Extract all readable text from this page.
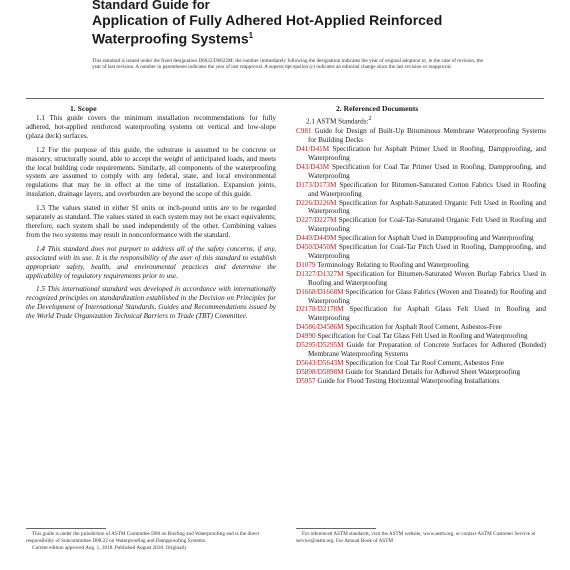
Standard Guide for
Application of Fully Adhered Hot-Applied Reinforced
Waterproofing Systems$^1$
This standard is issued under the fixed designation D6622/D6622M; the number immediately following the designation indicates the year of original adoption or, in the case of revision, the year of last revision. A number in parentheses indicates the year of last reapproval. A superscript epsilon (ε) indicates an editorial change since the last revision or reapproval.
1. Scope

1.1 This guide covers the minimum installation recommendations for fully adhered, hot-applied reinforced waterproofing systems on vertical and low-slope (plaza deck) surfaces.

1.2 For the purpose of this guide, the substrate is assumed to be concrete or masonry, structurally sound, able to accept the weight of anticipated loads, and meets the local building code requirements. Similarly, all components of the waterproofing system are assumed to comply with any federal, state, and local environmental regulations that may be in effect at the time of installation. Expansion joints, insulation, drainage layers, and overburden are beyond the scope of this guide.

1.3 The values stated in either SI units or inch-pound units are to be regarded separately as standard. The values stated in each system may not be exact equivalents; therefore, each system shall be used independently of the other. Combining values from the two systems may result in nonconformance with the standard.

1.4 This standard does not purport to address all of the safety concerns, if any, associated with its use. It is the responsibility of the user of this standard to establish appropriate safety, health, and environmental practices and determine the applicability of regulatory requirements prior to use.

1.5 This international standard was developed in accordance with internationally recognized principles on standardization established in the Decision on Principles for the Development of International Standards, Guides and Recommendations issued by the World Trade Organization Technical Barriers to Trade (TBT) Committee.

2. Referenced Documents
2.1 ASTM Standards:$^2$
C981 Guide for Design of Built-Up Bituminous Membrane Waterproofing Systems for Building Decks
D41/D41M Specification for Asphalt Primer Used in Roofing, Dampproofing, and Waterproofing
D43/D43M Specification for Coal Tar Primer Used in Roofing, Dampproofing, and Waterproofing
D173/D173M Specification for Bitumen-Saturated Cotton Fabrics Used in Roofing and Waterproofing
D226/D226M Specification for Asphalt-Saturated Organic Felt Used in Roofing and Waterproofing
D227/D227M Specification for Coal-Tar-Saturated Organic Felt Used in Roofing and Waterproofing
D449/D449M Specification for Asphalt Used in Dampproofing and Waterproofing
D450/D450M Specification for Coal-Tar Pitch Used in Roofing, Dampproofing, and Waterproofing
D1079 Terminology Relating to Roofing and Waterproofing
D1327/D1327M Specification for Bitumen-Saturated Woven Burlap Fabrics Used in Roofing and Waterproofing
D1668/D1668M Specification for Glass Fabrics (Woven and Treated) for Roofing and Waterproofing
D2178/D2178M Specification for Asphalt Glass Felt Used in Roofing and Waterproofing
D4586/D4586M Specification for Asphalt Roof Cement, Asbestos-Free
D4990 Specification for Coal Tar Glass Felt Used in Roofing and Waterproofing
D5295/D5295M Guide for Preparation of Concrete Surfaces for Adhered (Bonded) Membrane Waterproofing Systems
D5643/D5643M Specification for Coal Tar Roof Cement, Asbestos Free
D5898/D5898M Guide for Standard Details for Adhered Sheet Waterproofing
D5957 Guide for Flood Testing Horizontal Waterproofing Installations

This guide is under the jurisdiction of ASTM Committee D08 on Roofing and Waterproofing and is the direct responsibility of Subcommittee D08.22 on Waterproofing and Dampproofing Systems.

Current edition approved Aug. 1, 2018. Published August 2018. Originally

For referenced ASTM standards, visit the ASTM website, www.astm.org, or contact ASTM Customer Service at service@astm.org. For Annual Book of ASTM
